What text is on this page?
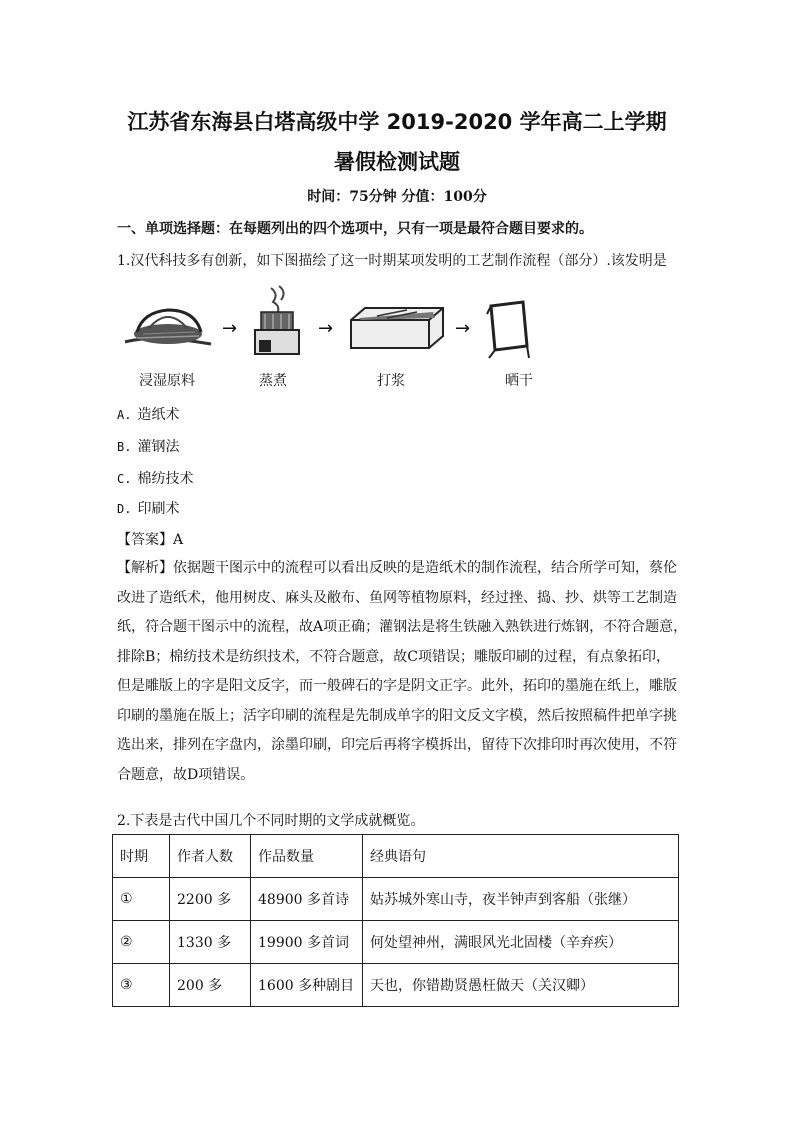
江苏省东海县白塔高级中学 2019-2020 学年高二上学期
暑假检测试题
时间：75分钟 分值：100分
一、单项选择题：在每题列出的四个选项中，只有一项是最符合题目要求的。
1.汉代科技多有创新，如下图描绘了这一时期某项发明的工艺制作流程（部分）.该发明是
浸湿原料
→
蒸煮
→
打浆
→
晒干
A. 造纸术
B. 灌钢法
C. 棉纺技术
D. 印刷术
【答案】A

【解析】依据题干图示中的流程可以看出反映的是造纸术的制作流程，结合所学可知，蔡伦

改进了造纸术，他用树皮、麻头及敝布、鱼网等植物原料，经过挫、捣、抄、烘等工艺制造

纸，符合题干图示中的流程，故A项正确；灌钢法是将生铁融入熟铁进行炼钢，不符合题意，

排除B；棉纺技术是纺织技术，不符合题意，故C项错误；雕版印刷的过程，有点象拓印，

但是雕版上的字是阳文反字，而一般碑石的字是阴文正字。此外，拓印的墨施在纸上，雕版

印刷的墨施在版上；活字印刷的流程是先制成单字的阳文反文字模，然后按照稿件把单字挑

选出来，排列在字盘内，涂墨印刷，印完后再将字模拆出，留待下次排印时再次使用，不符

合题意，故D项错误。

2.下表是古代中国几个不同时期的文学成就概览。
时期	作者人数	作品数量	经典语句
①	2200 多	48900 多首诗	姑苏城外寒山寺，夜半钟声到客船（张继）
②	1330 多	19900 多首词	何处望神州，满眼风光北固楼（辛弃疾）
③	200 多	1600 多种剧目	天也，你错勘贤愚枉做天（关汉卿）
